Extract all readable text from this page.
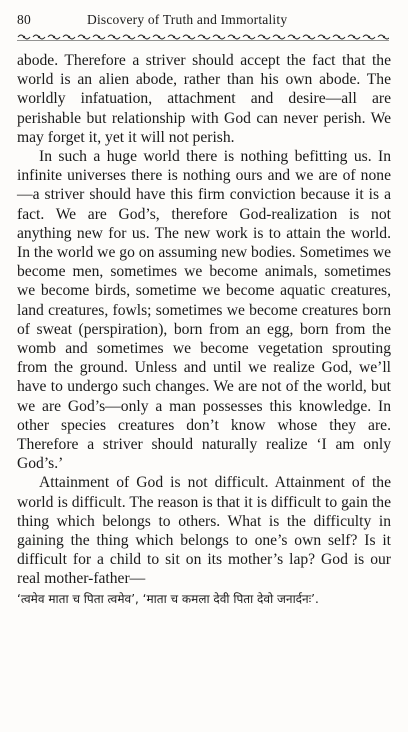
80	Discovery of Truth and Immortality

abode. Therefore a striver should accept the fact that the world is an alien abode, rather than his own abode. The worldly infatuation, attachment and desire—all are perishable but relationship with God can never perish. We may forget it, yet it will not perish.

In such a huge world there is nothing befitting us. In infinite universes there is nothing ours and we are of none—a striver should have this firm conviction because it is a fact. We are God’s, therefore God-realization is not anything new for us. The new work is to attain the world. In the world we go on assuming new bodies. Sometimes we become men, sometimes we become animals, sometimes we become birds, sometime we become aquatic creatures, land creatures, fowls; sometimes we become creatures born of sweat (perspiration), born from an egg, born from the womb and sometimes we become vegetation sprouting from the ground. Unless and until we realize God, we’ll have to undergo such changes. We are not of the world, but we are God’s—only a man possesses this knowledge. In other species creatures don’t know whose they are. Therefore a striver should naturally realize ‘I am only God’s.’

Attainment of God is not difficult. Attainment of the world is difficult. The reason is that it is difficult to gain the thing which belongs to others. What is the difficulty in gaining the thing which belongs to one’s own self? Is it difficult for a child to sit on its mother’s lap? God is our real mother-father—
‘त्वमेव माता च पिता त्वमेव’, ‘माता च कमला देवी पिता देवो जनार्दनः’.
